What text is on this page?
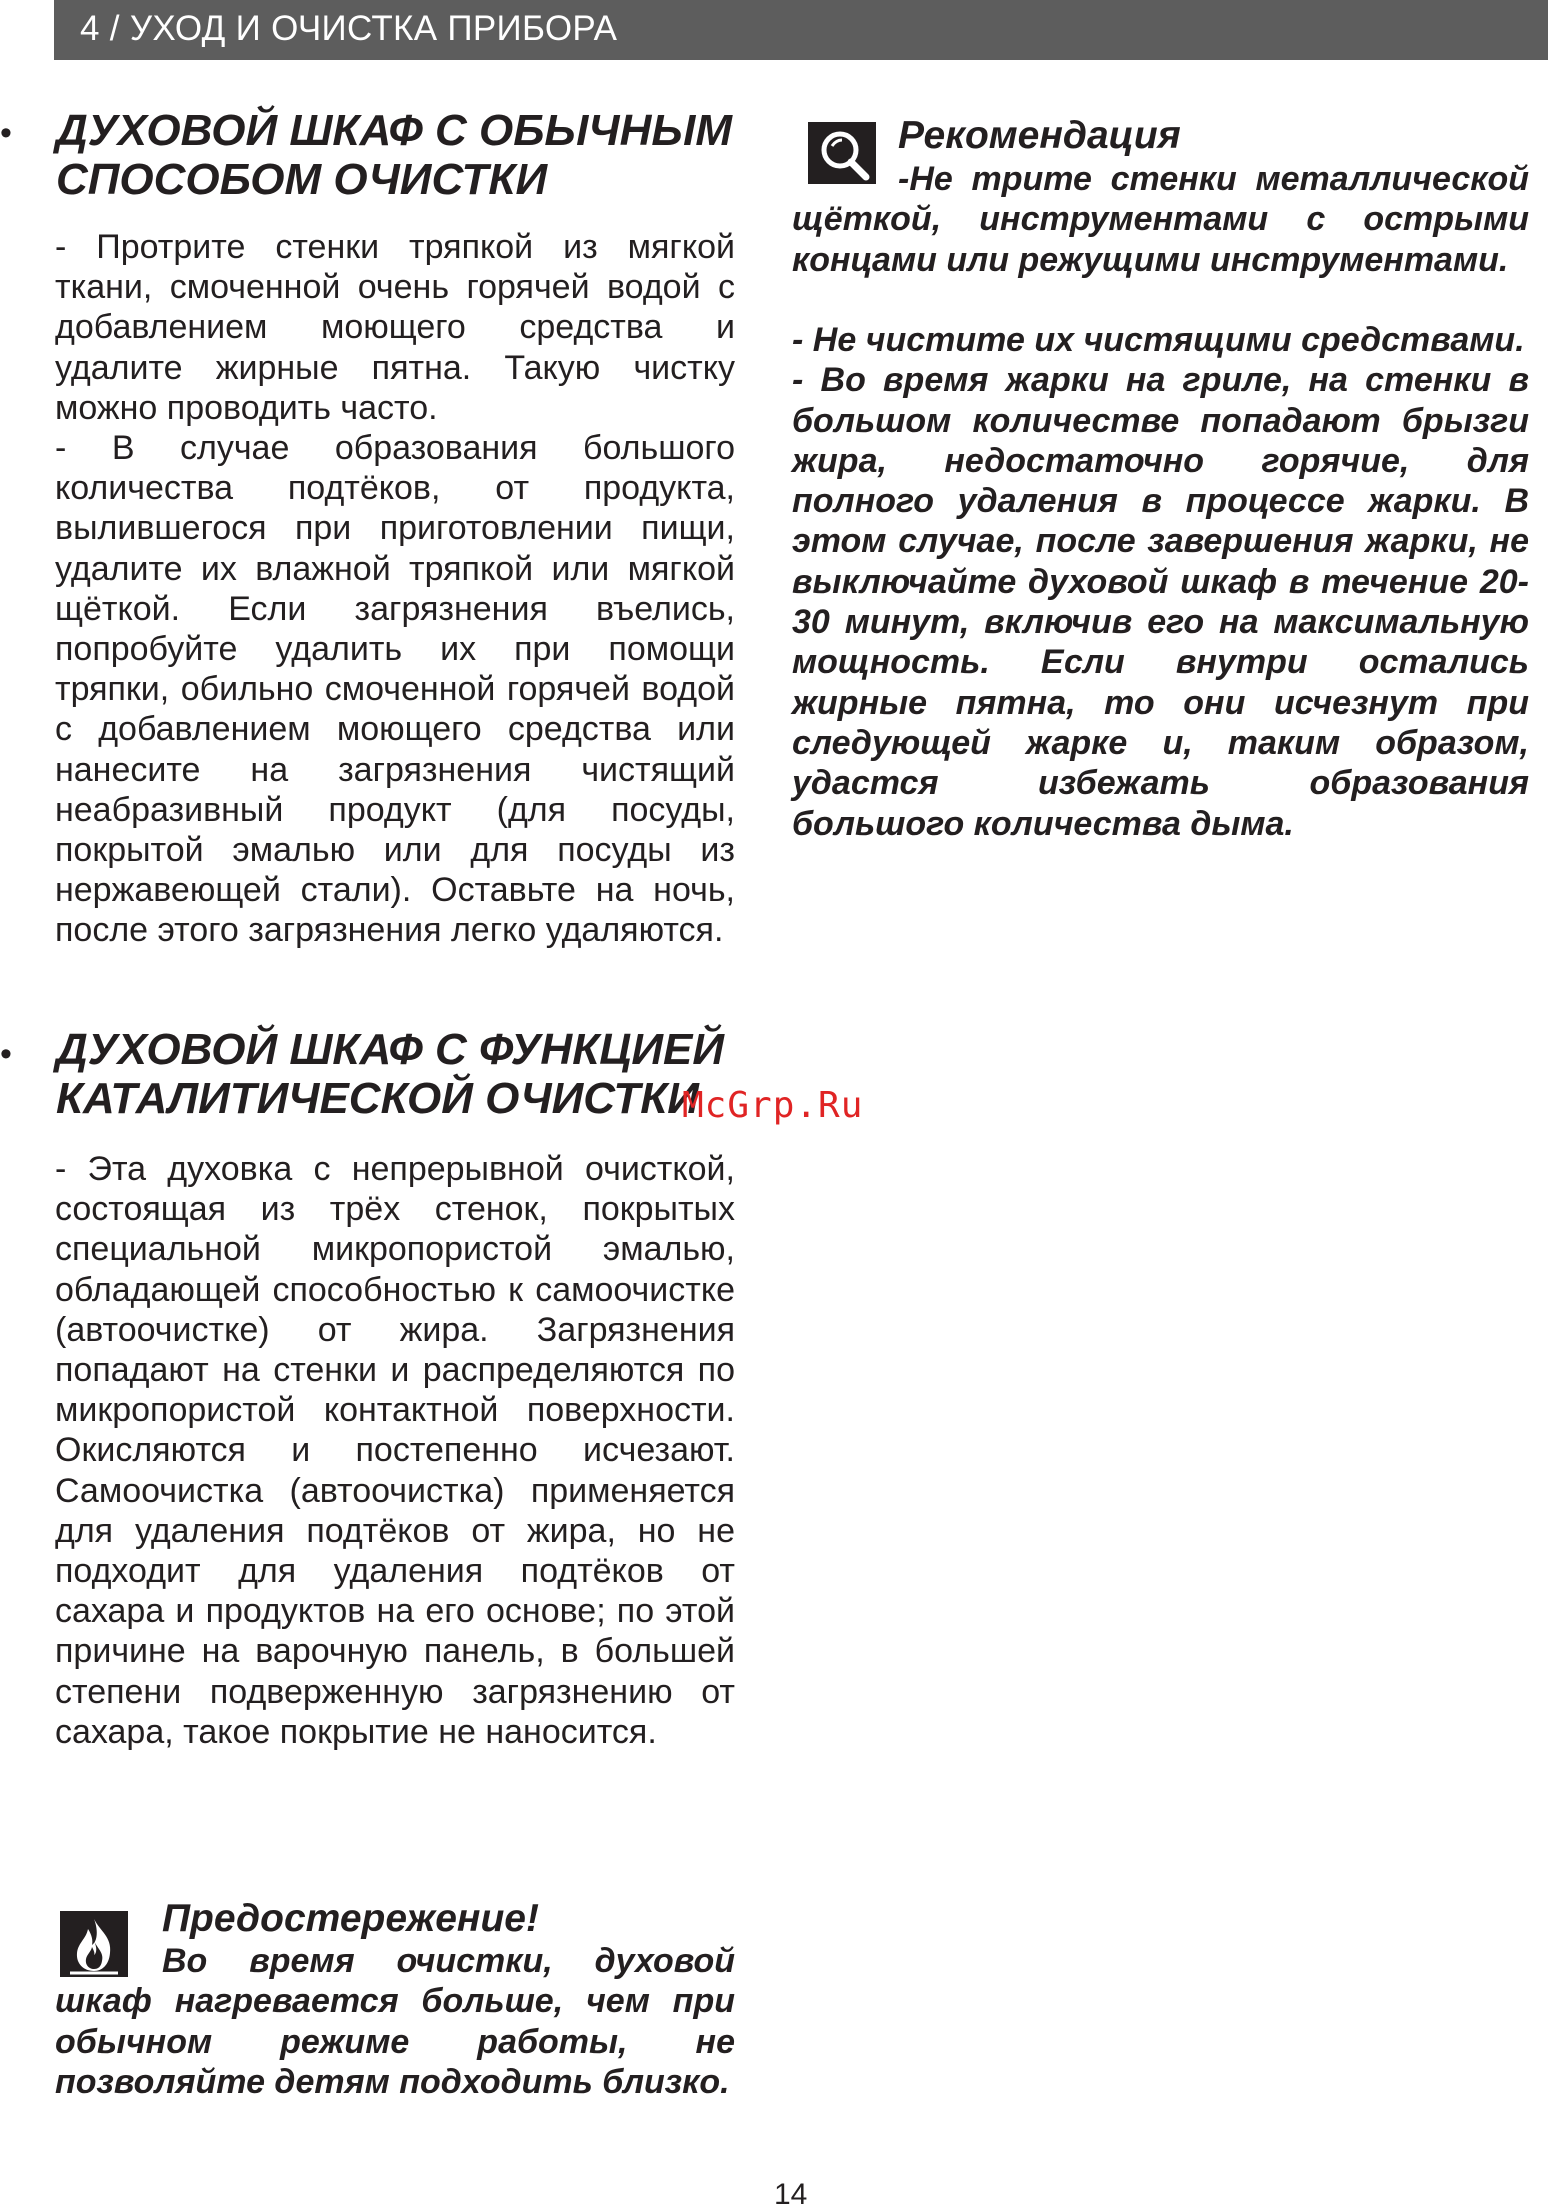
4 / УХОД И ОЧИСТКА ПРИБОРА
• ДУХОВОЙ ШКАФ С ОБЫЧНЫМ
СПОСОБОМ ОЧИСТКИ

- Протрите стенки тряпкой из мягкой ткани, смоченной очень горячей водой с добавлением моющего средства и удалите жирные пятна. Такую чистку можно проводить часто.

- В случае образования большого количества подтёков, от продукта, вылившегося при приготовлении пищи, удалите их влажной тряпкой или мягкой щёткой. Если загрязнения въелись, попробуйте удалить их при помощи тряпки, обильно смоченной горячей водой с добавлением моющего средства или нанесите на загрязнения чистящий неабразивный продукт (для посуды, покрытой эмалью или для посуды из нержавеющей стали). Оставьте на ночь, после этого загрязнения легко удаляются.

• ДУХОВОЙ ШКАФ С ФУНКЦИЕЙ
КАТАЛИТИЧЕСКОЙ ОЧИСТКИ

- Эта духовка с непрерывной очисткой, состоящая из трёх стенок, покрытых специальной микропористой эмалью, обладающей способностью к самоочистке (автоочистке) от жира. Загрязнения попадают на стенки и распределяются по микропористой контактной поверхности. Окисляются и постепенно исчезают. Самоочистка (автоочистка) применяется для удаления подтёков от жира, но не подходит для удаления подтёков от сахара и продуктов на его основе; по этой причине на варочную панель, в большей степени подверженную загрязнению от сахара, такое покрытие не наносится.

McGrp.Ru
Предостережение!

Во время очистки, духовой шкаф нагревается больше, чем при обычном режиме работы, не позволяйте детям подходить близко.

Рекомендация

-Не трите стенки металлической щёткой, инструментами с острыми концами или режущими инструментами.

- Не чистите их чистящими средствами.

- Во время жарки на гриле, на стенки в большом количестве попадают брызги жира, недостаточно горячие, для полного удаления в процессе жарки. В этом случае, после завершения жарки, не выключайте духовой шкаф в течение 20-30 минут, включив его на максимальную мощность. Если внутри остались жирные пятна, то они исчезнут при следующей жарке и, таким образом, удастся избежать образования большого количества дыма.

14
